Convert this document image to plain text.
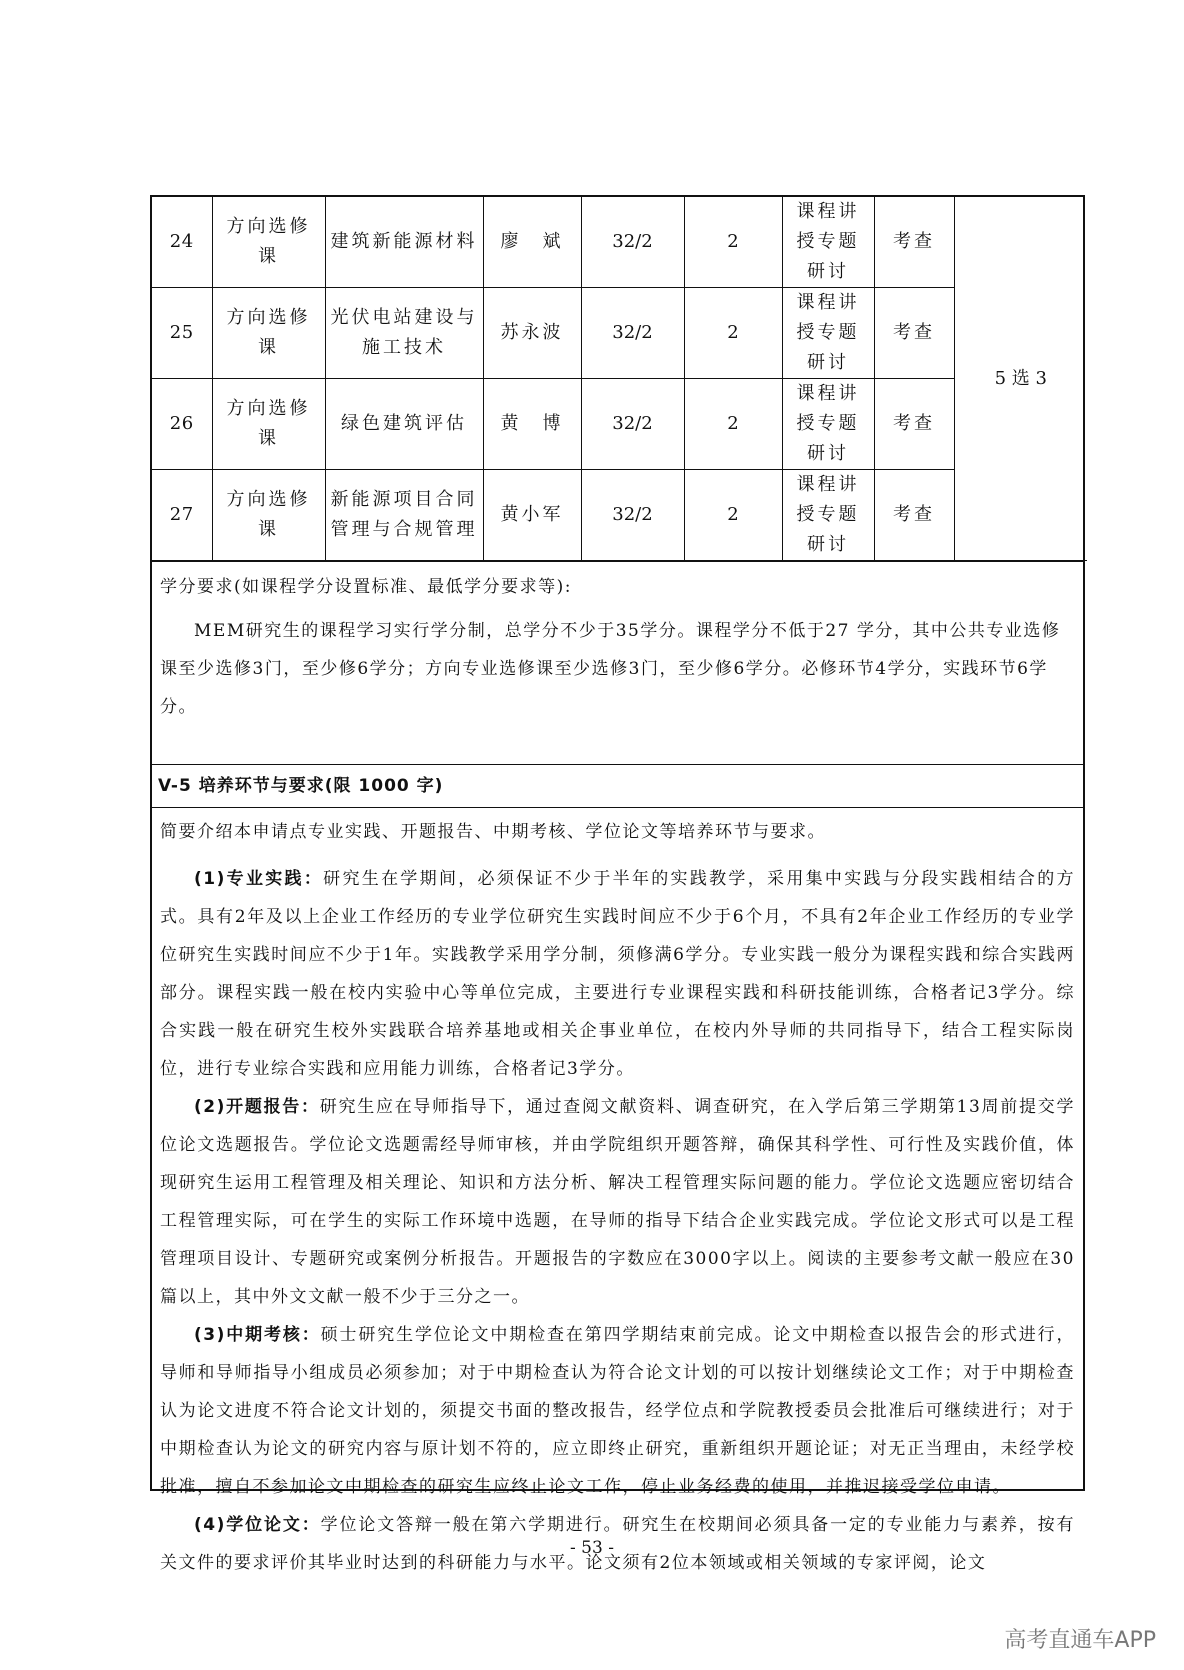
24	方向选修课	建筑新能源材料	廖　斌	32/2	2	课程讲授专题研讨	考查	5 选 3
25	方向选修课	光伏电站建设与施工技术	苏永波	32/2	2	课程讲授专题研讨	考查	
26	方向选修课	绿色建筑评估	黄　博	32/2	2	课程讲授专题研讨	考查	
27	方向选修课	新能源项目合同管理与合规管理	黄小军	32/2	2	课程讲授专题研讨	考查	
学分要求(如课程学分设置标准、最低学分要求等):
MEM研究生的课程学习实行学分制，总学分不少于35学分。课程学分不低于27 学分，其中公共专业选修课至少选修3门，至少修6学分；方向专业选修课至少选修3门，至少修6学分。必修环节4学分，实践环节6学分。
V-5 培养环节与要求(限 1000 字)
简要介绍本申请点专业实践、开题报告、中期考核、学位论文等培养环节与要求。

(1)专业实践：研究生在学期间，必须保证不少于半年的实践教学，采用集中实践与分段实践相结合的方式。具有2年及以上企业工作经历的专业学位研究生实践时间应不少于6个月，不具有2年企业工作经历的专业学位研究生实践时间应不少于1年。实践教学采用学分制，须修满6学分。专业实践一般分为课程实践和综合实践两部分。课程实践一般在校内实验中心等单位完成，主要进行专业课程实践和科研技能训练，合格者记3学分。综合实践一般在研究生校外实践联合培养基地或相关企事业单位，在校内外导师的共同指导下，结合工程实际岗位，进行专业综合实践和应用能力训练，合格者记3学分。

(2)开题报告：研究生应在导师指导下，通过查阅文献资料、调查研究，在入学后第三学期第13周前提交学位论文选题报告。学位论文选题需经导师审核，并由学院组织开题答辩，确保其科学性、可行性及实践价值，体现研究生运用工程管理及相关理论、知识和方法分析、解决工程管理实际问题的能力。学位论文选题应密切结合工程管理实际，可在学生的实际工作环境中选题，在导师的指导下结合企业实践完成。学位论文形式可以是工程管理项目设计、专题研究或案例分析报告。开题报告的字数应在3000字以上。阅读的主要参考文献一般应在30篇以上，其中外文文献一般不少于三分之一。

(3)中期考核：硕士研究生学位论文中期检查在第四学期结束前完成。论文中期检查以报告会的形式进行，导师和导师指导小组成员必须参加；对于中期检查认为符合论文计划的可以按计划继续论文工作；对于中期检查认为论文进度不符合论文计划的，须提交书面的整改报告，经学位点和学院教授委员会批准后可继续进行；对于中期检查认为论文的研究内容与原计划不符的，应立即终止研究，重新组织开题论证；对无正当理由，未经学校批准，擅自不参加论文中期检查的研究生应终止论文工作，停止业务经费的使用，并推迟接受学位申请。

(4)学位论文：学位论文答辩一般在第六学期进行。研究生在校期间必须具备一定的专业能力与素养，按有关文件的要求评价其毕业时达到的科研能力与水平。论文须有2位本领域或相关领域的专家评阅，论文

- 53 -
高考直通车APP
